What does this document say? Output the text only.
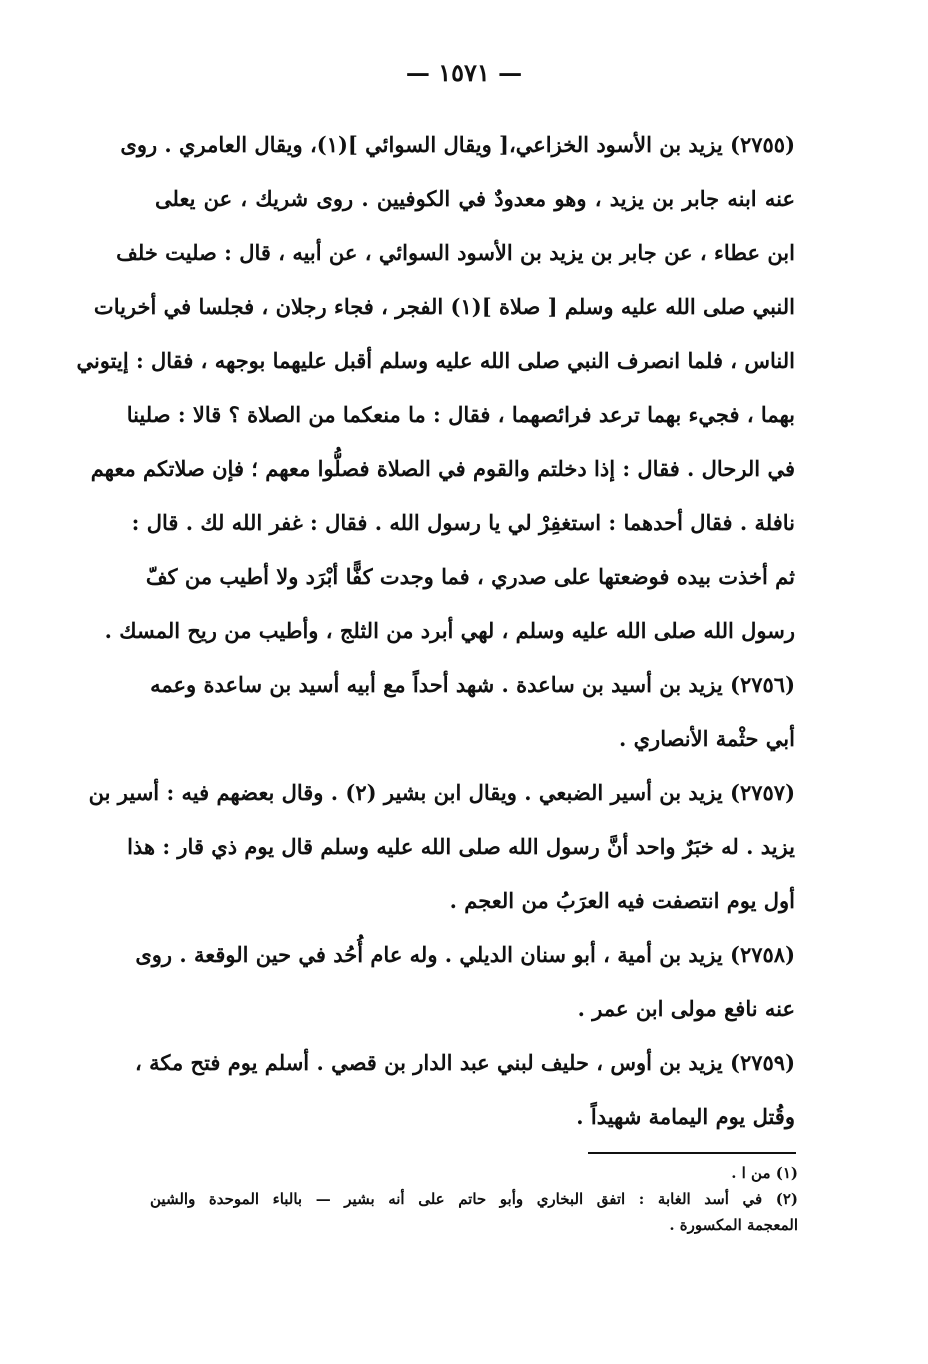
— ١٥٧١ —
(٢٧٥٥) يزيد بن الأسود الخزاعي،[ ويقال السوائي ](١)، ويقال العامري . روى
عنه ابنه جابر بن يزيد ، وهو معدودٌ في الكوفيين . روى شريك ، عن يعلى
ابن عطاء ، عن جابر بن يزيد بن الأسود السوائي ، عن أبيه ، قال : صليت خلف
النبي صلى الله عليه وسلم [ صلاة ](١) الفجر ، فجاء رجلان ، فجلسا في أخريات
الناس ، فلما انصرف النبي صلى الله عليه وسلم أقبل عليهما بوجهه ، فقال : إيتوني
بهما ، فجيء بهما ترعد فرائصهما ، فقال : ما منعكما من الصلاة ؟ قالا : صلينا
في الرحال . فقال : إذا دخلتم والقوم في الصلاة فصلُّوا معهم ؛ فإن صلاتكم معهم
نافلة . فقال أحدهما : استغفِرْ لي يا رسول الله . فقال : غفر الله لك . قال :
ثم أخذت بيده فوضعتها على صدري ، فما وجدت كفًّا أبْرَد ولا أطيب من كفّ
رسول الله صلى الله عليه وسلم ، لهي أبرد من الثلج ، وأطيب من ريح المسك .
(٢٧٥٦) يزيد بن أسيد بن ساعدة . شهد أحداً مع أبيه أسيد بن ساعدة وعمه
أبي حثْمة الأنصاري .
(٢٧٥٧) يزيد بن أسير الضبعي . ويقال ابن بشير (٢) . وقال بعضهم فيه : أسير بن
يزيد . له خبَرٌ واحد أنَّ رسول الله صلى الله عليه وسلم قال يوم ذي قار : هذا
أول يوم انتصفت فيه العرَبُ من العجم .
(٢٧٥٨) يزيد بن أمية ، أبو سنان الديلي . وله عام أُحُد في حين الوقعة . روى
عنه نافع مولى ابن عمر .
(٢٧٥٩) يزيد بن أوس ، حليف لبني عبد الدار بن قصي . أسلم يوم فتح مكة ،
وقُتل يوم اليمامة شهيداً .
(١) من ا .
(٢) في أسد الغابة : اتفق البخاري وأبو حاتم على أنه بشير — بالباء الموحدة والشين
المعجمة المكسورة .
